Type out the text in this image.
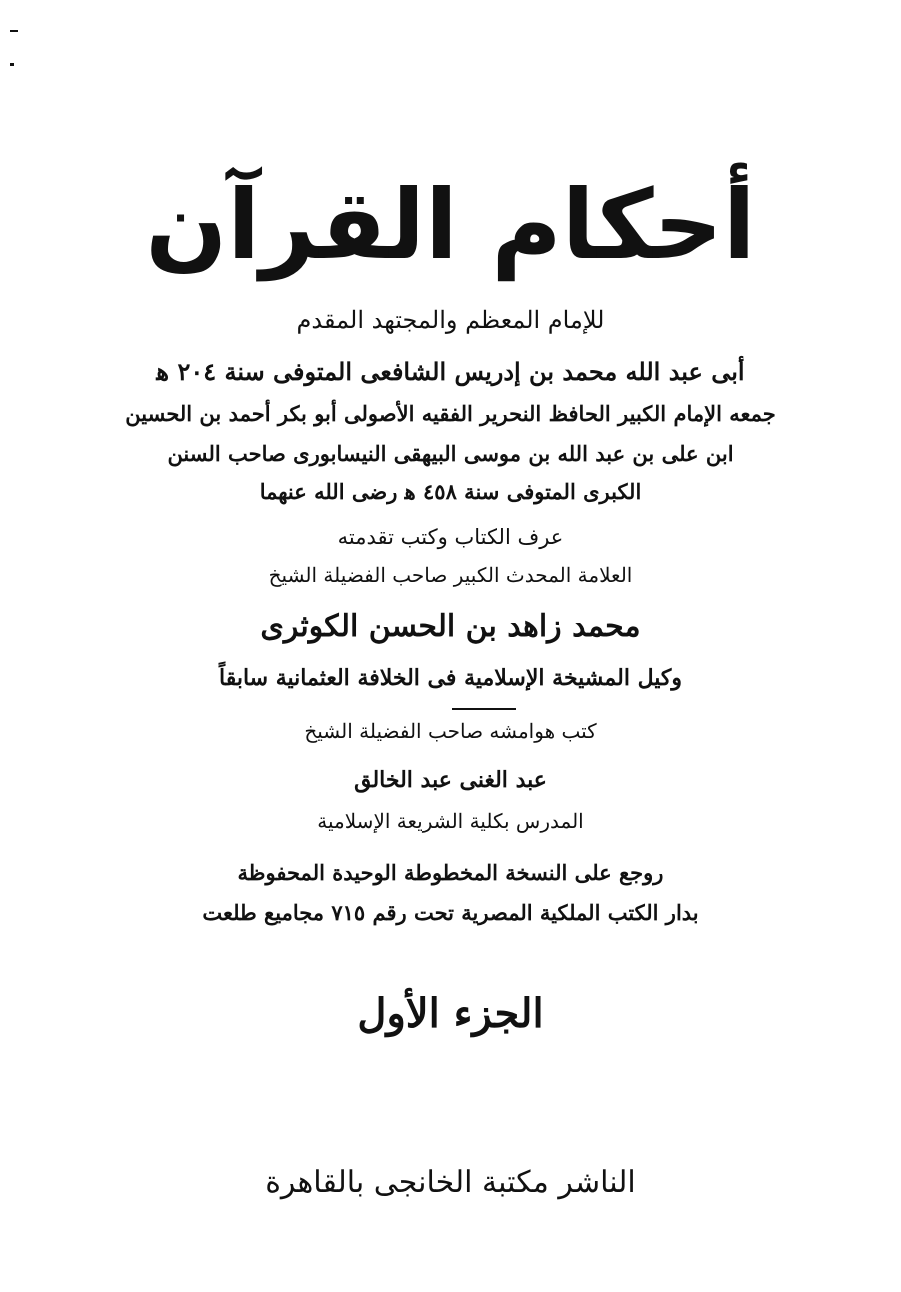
أحكام القرآن
للإمام المعظم والمجتهد المقدم
أبى عبد الله محمد بن إدريس الشافعى المتوفى سنة ٢٠٤ ﻫ
جمعه الإمام الكبير الحافظ النحرير الفقيه الأصولى أبو بكر أحمد بن الحسين
ابن على بن عبد الله بن موسى البيهقى النيسابورى صاحب السنن
الكبرى المتوفى سنة ٤٥٨ ﻫ رضى الله عنهما
عرف الكتاب وكتب تقدمته
العلامة المحدث الكبير صاحب الفضيلة الشيخ
محمد زاهد بن الحسن الكوثرى
وكيل المشيخة الإسلامية فى الخلافة العثمانية سابقاً
كتب هوامشه صاحب الفضيلة الشيخ
عبد الغنى عبد الخالق
المدرس بكلية الشريعة الإسلامية
روجع على النسخة المخطوطة الوحيدة المحفوظة
بدار الكتب الملكية المصرية تحت رقم ٧١٥ مجاميع طلعت
الجزء الأول
الناشر مكتبة الخانجى بالقاهرة
